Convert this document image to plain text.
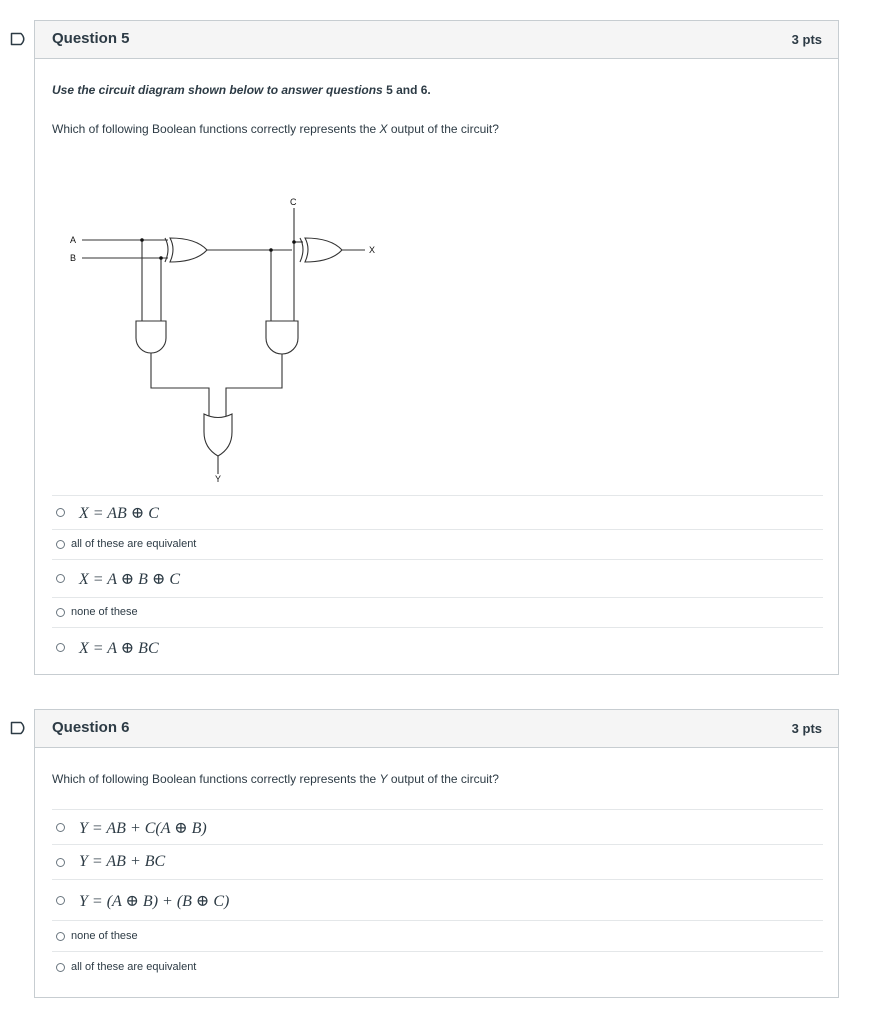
Question 5	3 pts
Use the circuit diagram shown below to answer questions 5 and 6.
Which of following Boolean functions correctly represents the X output of the circuit?
A
B
C
X
Y
X = AB ⊕ C
all of these are equivalent
X = A ⊕ B ⊕ C
none of these
X = A ⊕ BC
Question 6	3 pts
Which of following Boolean functions correctly represents the Y output of the circuit?
Y = AB + C(A ⊕ B)
Y = AB + BC
Y = (A ⊕ B) + (B ⊕ C)
none of these
all of these are equivalent
